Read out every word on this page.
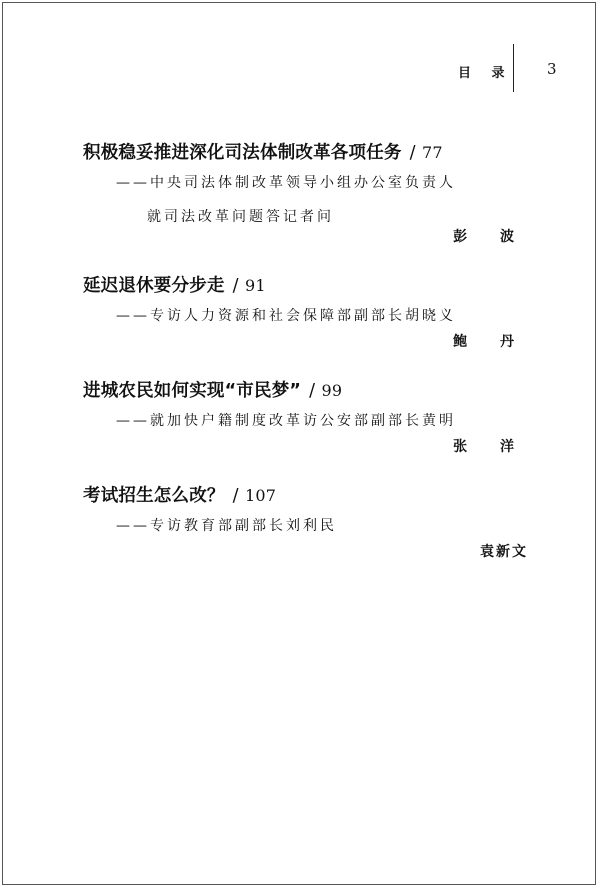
目 录 3
积极稳妥推进深化司法体制改革各项任务 / 77
——中央司法体制改革领导小组办公室负责人
就司法改革问题答记者问
彭 波
延迟退休要分步走 / 91
——专访人力资源和社会保障部副部长胡晓义
鲍 丹
进城农民如何实现“市民梦” / 99
——就加快户籍制度改革访公安部副部长黄明
张 洋
考试招生怎么改？ / 107
——专访教育部副部长刘利民
袁新文
